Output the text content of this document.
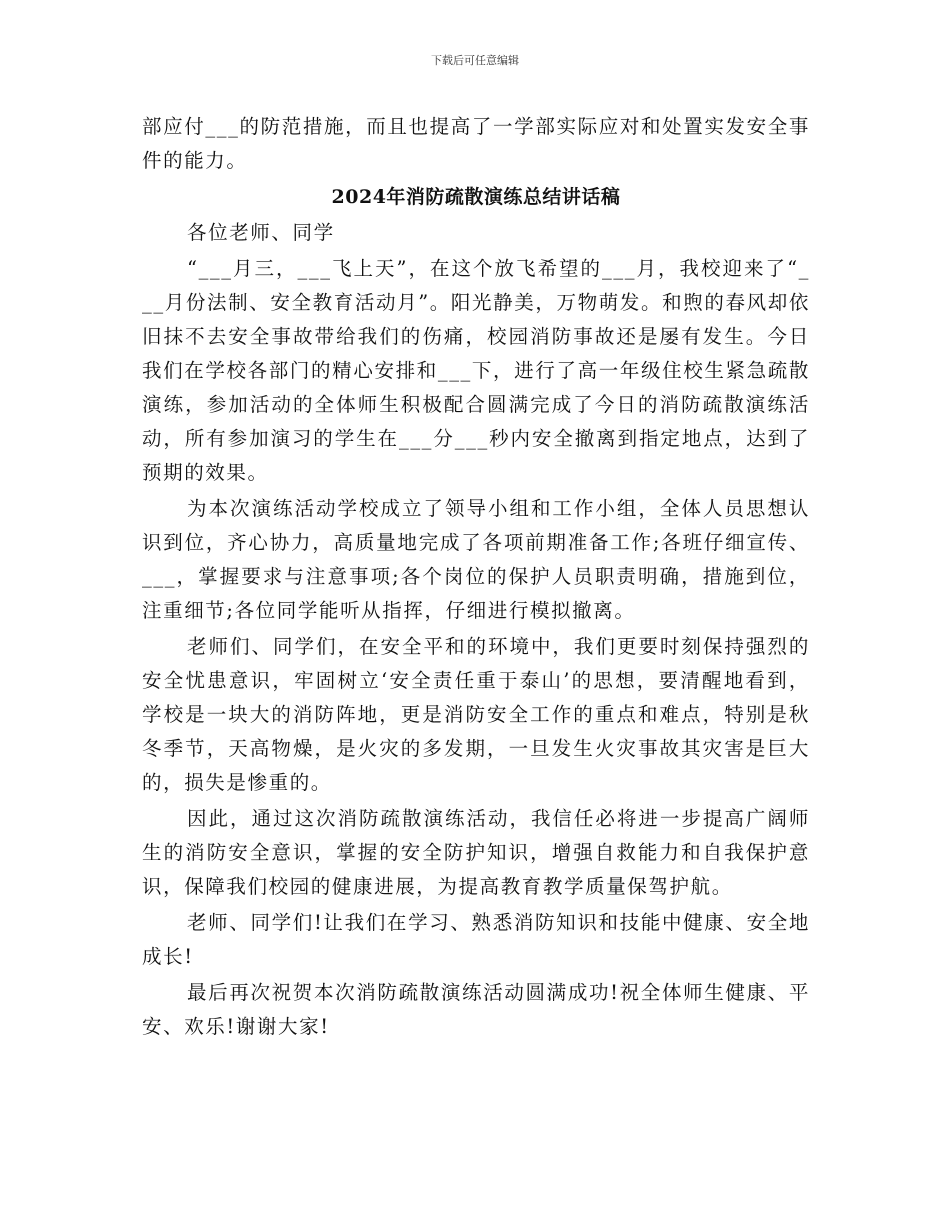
下载后可任意编辑

部应付___的防范措施，而且也提高了一学部实际应对和处置实发安全事件的能力。

2024年消防疏散演练总结讲话稿

各位老师、同学

“___月三，___飞上天”，在这个放飞希望的___月，我校迎来了“___月份法制、安全教育活动月”。阳光静美，万物萌发。和煦的春风却依旧抹不去安全事故带给我们的伤痛，校园消防事故还是屡有发生。今日我们在学校各部门的精心安排和___下，进行了高一年级住校生紧急疏散演练，参加活动的全体师生积极配合圆满完成了今日的消防疏散演练活动，所有参加演习的学生在___分___秒内安全撤离到指定地点，达到了预期的效果。

为本次演练活动学校成立了领导小组和工作小组，全体人员思想认识到位，齐心协力，高质量地完成了各项前期准备工作;各班仔细宣传、___，掌握要求与注意事项;各个岗位的保护人员职责明确，措施到位，注重细节;各位同学能听从指挥，仔细进行模拟撤离。

老师们、同学们，在安全平和的环境中，我们更要时刻保持强烈的安全忧患意识，牢固树立‘安全责任重于泰山’的思想，要清醒地看到，学校是一块大的消防阵地，更是消防安全工作的重点和难点，特别是秋冬季节，天高物燥，是火灾的多发期，一旦发生火灾事故其灾害是巨大的，损失是惨重的。

因此，通过这次消防疏散演练活动，我信任必将进一步提高广阔师生的消防安全意识，掌握的安全防护知识，增强自救能力和自我保护意识，保障我们校园的健康进展，为提高教育教学质量保驾护航。

老师、同学们!让我们在学习、熟悉消防知识和技能中健康、安全地成长!

最后再次祝贺本次消防疏散演练活动圆满成功!祝全体师生健康、平安、欢乐!谢谢大家!
